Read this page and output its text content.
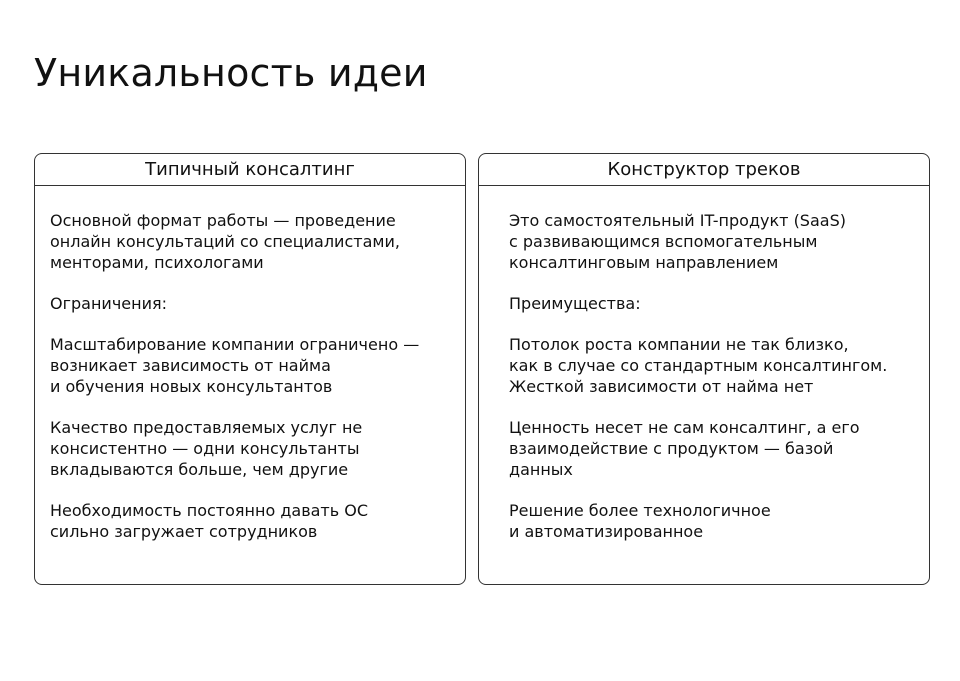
Уникальность идеи
Типичный консалтинг

Основной формат работы — проведение
онлайн консультаций со специалистами,
менторами, психологами

Ограничения:

Масштабирование компании ограничено —
возникает зависимость от найма
и обучения новых консультантов

Качество предоставляемых услуг не
консистентно — одни консультанты
вкладываются больше, чем другие

Необходимость постоянно давать ОС
сильно загружает сотрудников

Конструктор треков

Это самостоятельный IT-продукт (SaaS)
с развивающимся вспомогательным
консалтинговым направлением

Преимущества:

Потолок роста компании не так близко,
как в случае со стандартным консалтингом.
Жесткой зависимости от найма нет

Ценность несет не сам консалтинг, а его
взаимодействие с продуктом — базой
данных

Решение более технологичное
и автоматизированное
